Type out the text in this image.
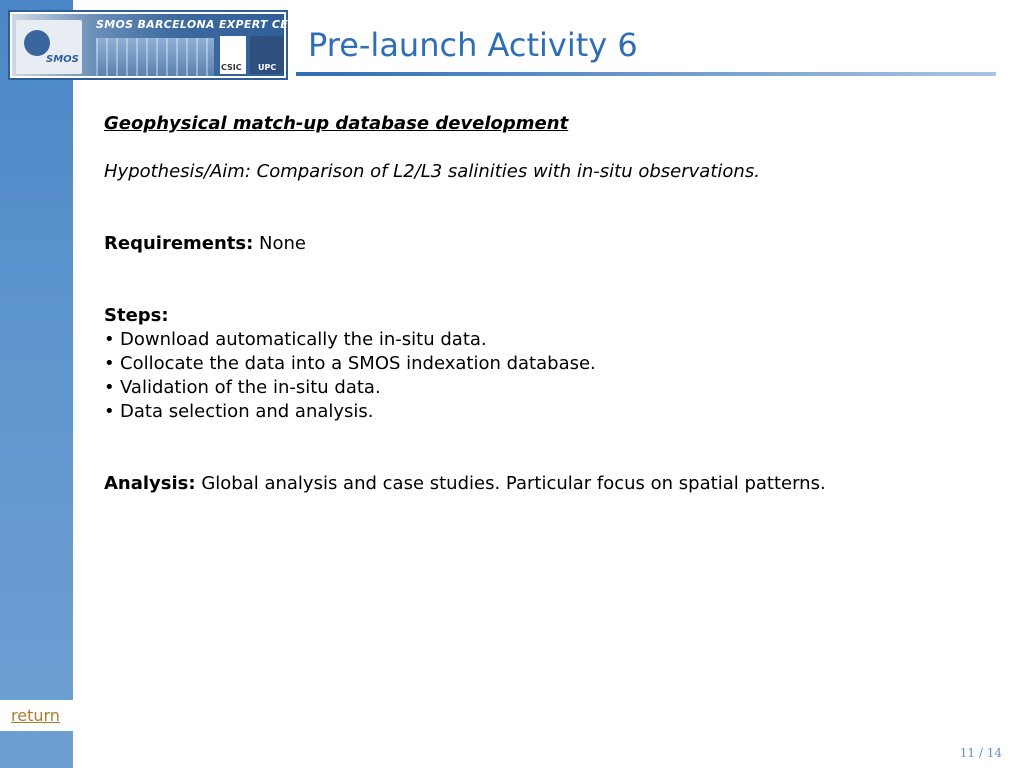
return
SMOS
SMOS BARCELONA EXPERT CENTRE
CSIC UPC
Pre-launch Activity 6
Geophysical match-up database development
Hypothesis/Aim: Comparison of L2/L3 salinities with in-situ observations.
Requirements: None
Steps:
• Download automatically the in-situ data.
• Collocate the data into a SMOS indexation database.
• Validation of the in-situ data.
• Data selection and analysis.
Analysis: Global analysis and case studies. Particular focus on spatial patterns.
11 / 14
